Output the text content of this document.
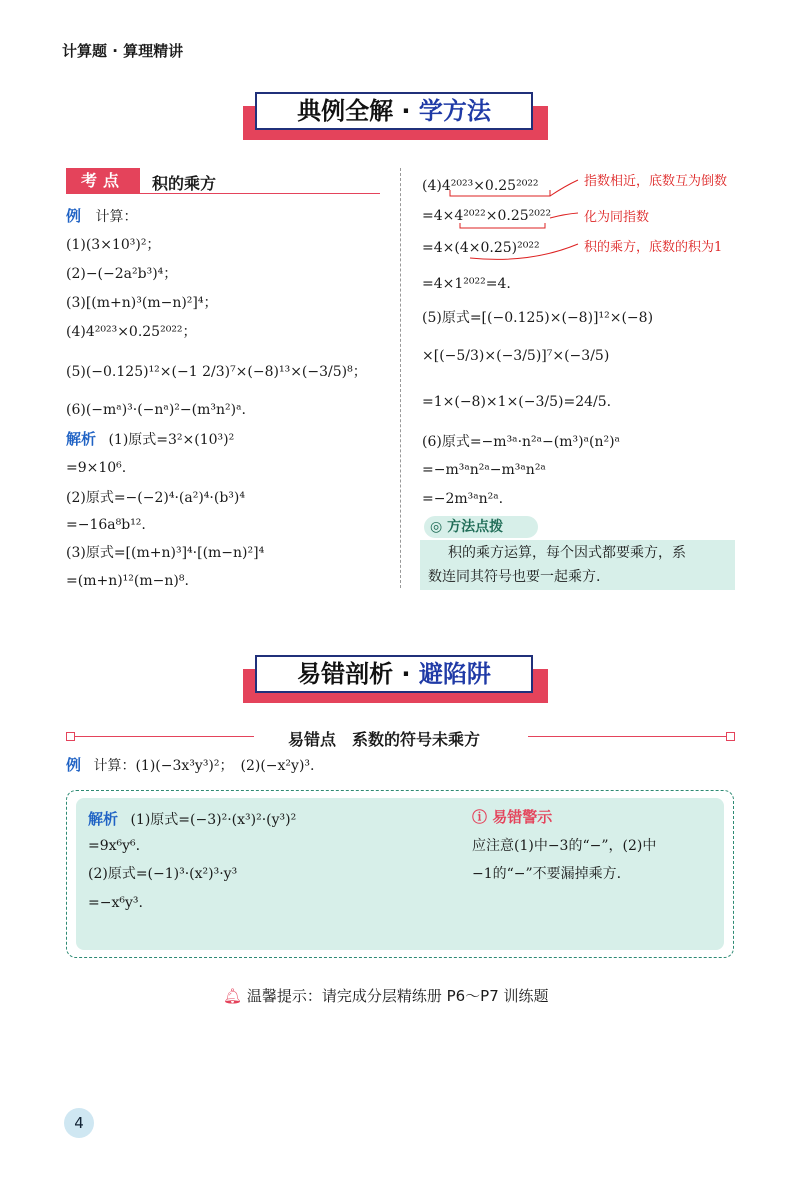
计算题 · 算理精讲
典例全解 · 学方法
考点	积的乘方
例 计算：
(1)(3×10³)²；
(2)−(−2a²b³)⁴；
(3)[(m+n)³(m−n)²]⁴；
(4)4²⁰²³×0.25²⁰²²；
(5)(−0.125)¹²×(−1 2/3)⁷×(−8)¹³×(−3/5)⁸；
(6)(−mᵃ)³·(−nᵃ)²−(m³n²)ᵃ.
解析 (1)原式=3²×(10³)²
=9×10⁶.
(2)原式=−(−2)⁴·(a²)⁴·(b³)⁴
=−16a⁸b¹².
(3)原式=[(m+n)³]⁴·[(m−n)²]⁴
=(m+n)¹²(m−n)⁸.
(4)4²⁰²³×0.25²⁰²²
=4×4²⁰²²×0.25²⁰²²
=4×(4×0.25)²⁰²²
=4×1²⁰²²=4.
(5)原式=[(−0.125)×(−8)]¹²×(−8)
×[(−5/3)×(−3/5)]⁷×(−3/5)
=1×(−8)×1×(−3/5)=24/5.
(6)原式=−m³ᵃ·n²ᵃ−(m³)ᵃ(n²)ᵃ
=−m³ᵃn²ᵃ−m³ᵃn²ᵃ
=−2m³ᵃn²ᵃ.
指数相近，底数互为倒数
化为同指数
积的乘方，底数的积为1
◎ 方法点拨
积的乘方运算，每个因式都要乘方，系
数连同其符号也要一起乘方.
易错剖析 · 避陷阱
易错点　系数的符号未乘方
例 计算：(1)(−3x³y³)²；　(2)(−x²y)³.
解析 (1)原式=(−3)²·(x³)²·(y³)²
=9x⁶y⁶.
(2)原式=(−1)³·(x²)³·y³
=−x⁶y³.
ⓘ 易错警示
应注意(1)中−3的“−”，(2)中
−1的“−”不要漏掉乘方.
🔔︎ 温馨提示：请完成分层精练册 P6～P7 训练题
4
